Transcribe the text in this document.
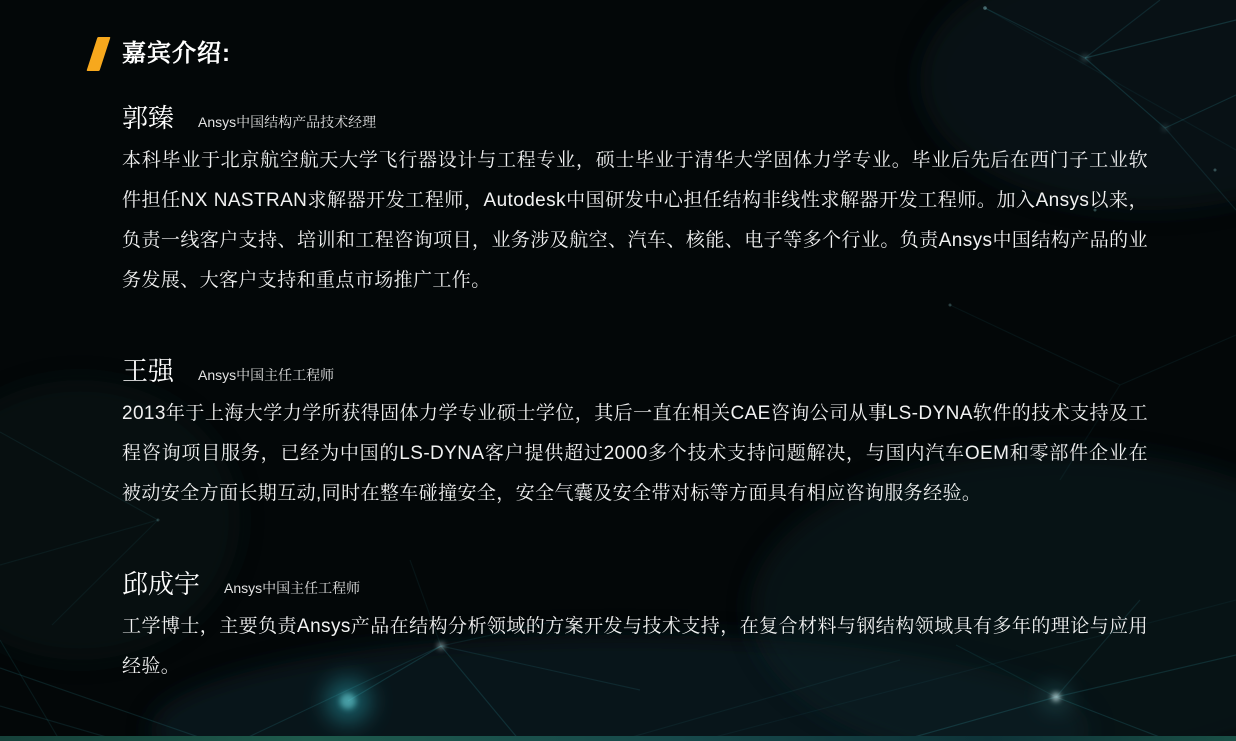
嘉宾介绍:
郭臻 Ansys中国结构产品技术经理

本科毕业于北京航空航天大学飞行器设计与工程专业，硕士毕业于清华大学固体力学专业。毕业后先后在西门子工业软件担任NX NASTRAN求解器开发工程师，Autodesk中国研发中心担任结构非线性求解器开发工程师。加入Ansys以来，负责一线客户支持、培训和工程咨询项目，业务涉及航空、汽车、核能、电子等多个行业。负责Ansys中国结构产品的业务发展、大客户支持和重点市场推广工作。

王强 Ansys中国主任工程师

2013年于上海大学力学所获得固体力学专业硕士学位，其后一直在相关CAE咨询公司从事LS-DYNA软件的技术支持及工程咨询项目服务，已经为中国的LS-DYNA客户提供超过2000多个技术支持问题解决，与国内汽车OEM和零部件企业在被动安全方面长期互动,同时在整车碰撞安全，安全气囊及安全带对标等方面具有相应咨询服务经验。

邱成宇 Ansys中国主任工程师

工学博士，主要负责Ansys产品在结构分析领域的方案开发与技术支持，在复合材料与钢结构领域具有多年的理论与应用经验。
